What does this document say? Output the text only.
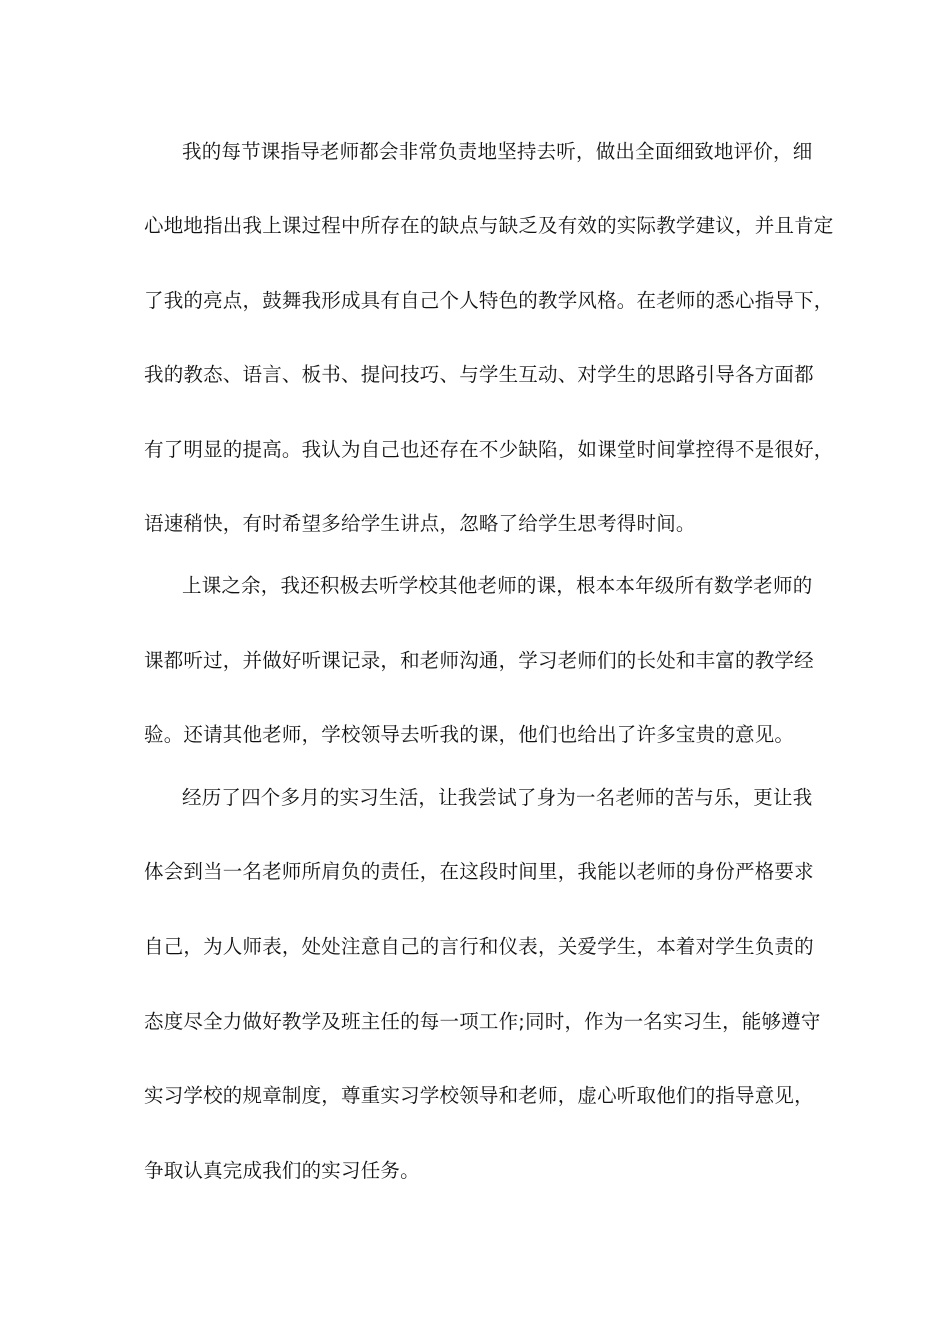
我的每节课指导老师都会非常负责地坚持去听，做出全面细致地评价，细
心地地指出我上课过程中所存在的缺点与缺乏及有效的实际教学建议，并且肯定
了我的亮点，鼓舞我形成具有自己个人特色的教学风格。在老师的悉心指导下，
我的教态、语言、板书、提问技巧、与学生互动、对学生的思路引导各方面都
有了明显的提高。我认为自己也还存在不少缺陷，如课堂时间掌控得不是很好，
语速稍快，有时希望多给学生讲点，忽略了给学生思考得时间。
上课之余，我还积极去听学校其他老师的课，根本本年级所有数学老师的
课都听过，并做好听课记录，和老师沟通，学习老师们的长处和丰富的教学经
验。还请其他老师，学校领导去听我的课，他们也给出了许多宝贵的意见。
经历了四个多月的实习生活，让我尝试了身为一名老师的苦与乐，更让我
体会到当一名老师所肩负的责任，在这段时间里，我能以老师的身份严格要求
自己，为人师表，处处注意自己的言行和仪表，关爱学生，本着对学生负责的
态度尽全力做好教学及班主任的每一项工作;同时，作为一名实习生，能够遵守
实习学校的规章制度，尊重实习学校领导和老师，虚心听取他们的指导意见，
争取认真完成我们的实习任务。
